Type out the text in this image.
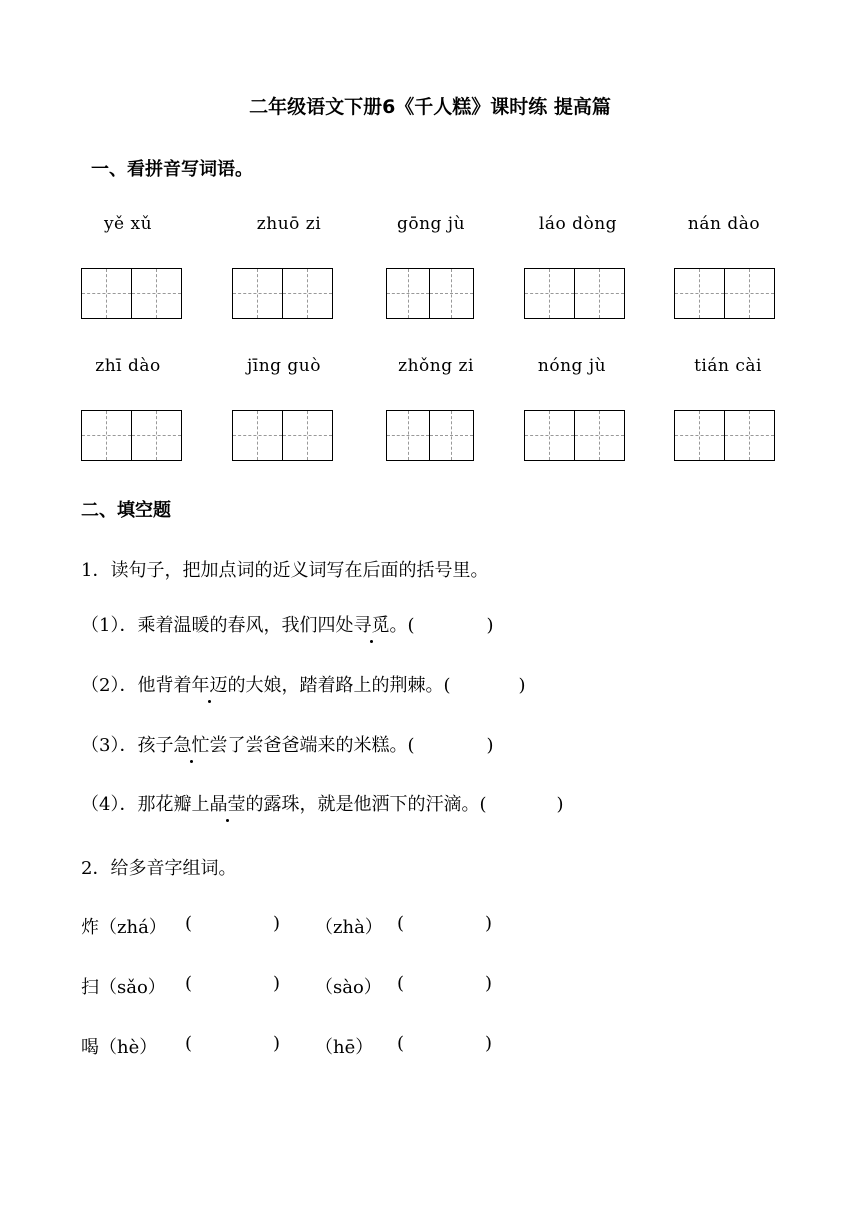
二年级语文下册6《千人糕》课时练 提高篇
一、看拼音写词语。
yě xǔ	zhuō zi	gōng jù	láo dòng	nán dào
zhī dào	jīng guò	zhǒng zi	nóng jù	tián cài
二、填空题
1．读句子，把加点词的近义词写在后面的括号里。
（1）．乘着温暖的春风，我们四处寻觅。(	)
（2）．他背着年迈的大娘，踏着路上的荆棘。(	)
（3）．孩子急忙尝了尝爸爸端来的米糕。(	)
（4）．那花瓣上晶莹的露珠，就是他洒下的汗滴。(	)
2．给多音字组词。
炸（zhá） (	) （zhà） (	)
扫（sǎo） (	) （sào） (	)
喝（hè） (	) （hē） (	)
